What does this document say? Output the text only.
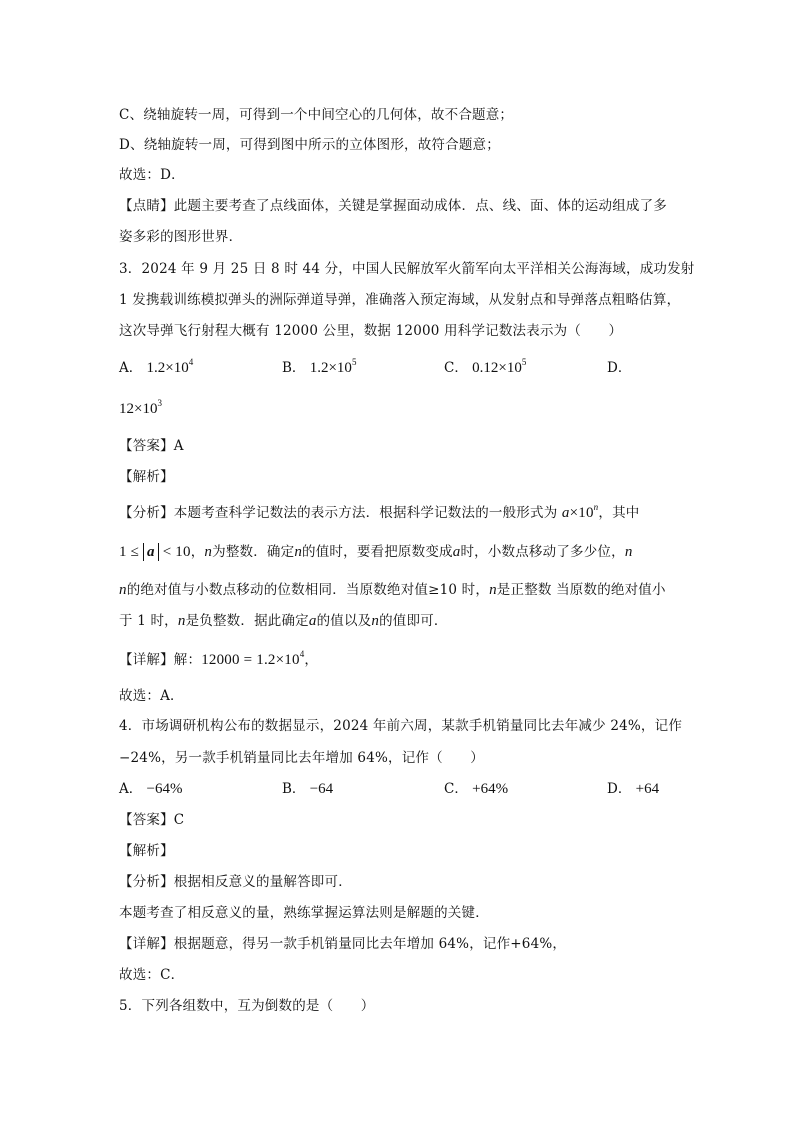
C、绕轴旋转一周，可得到一个中间空心的几何体，故不合题意；
D、绕轴旋转一周，可得到图中所示的立体图形，故符合题意；
故选：D．
【点睛】此题主要考查了点线面体，关键是掌握面动成体．点、线、面、体的运动组成了多
姿多彩的图形世界．
3．2024 年 9 月 25 日 8 时 44 分，中国人民解放军火箭军向太平洋相关公海海域，成功发射
1 发携载训练模拟弹头的洲际弹道导弹，准确落入预定海域，从发射点和导弹落点粗略估算，
这次导弹飞行射程大概有 12000 公里，数据 12000 用科学记数法表示为（　　）
A． $1.2\times 10^4$	B． $1.2\times 10^5$	C． $0.12\times 10^5$	D．
$12\times 10^3$
【答案】A
【解析】
【分析】本题考查科学记数法的表示方法．根据科学记数法的一般形式为 $a\times 10^n$，其中
1 ≤ a < 10，n为整数．确定n的值时，要看把原数变成a时，小数点移动了多少位，n
n的绝对值与小数点移动的位数相同．当原数绝对值≥10 时，n是正整数 当原数的绝对值小
于 1 时，n是负整数．据此确定a的值以及n的值即可．
【详解】解：$12000 = 1.2\times 10^4$，
故选：A．
4．市场调研机构公布的数据显示，2024 年前六周，某款手机销量同比去年减少 24%，记作
−24%，另一款手机销量同比去年增加 64%，记作（　　）
A． −64%	B． −64	C． +64%	D． +64
【答案】C
【解析】
【分析】根据相反意义的量解答即可．
本题考查了相反意义的量，熟练掌握运算法则是解题的关键．
【详解】根据题意，得另一款手机销量同比去年增加 64%，记作+64%，
故选：C．
5．下列各组数中，互为倒数的是（　　）
